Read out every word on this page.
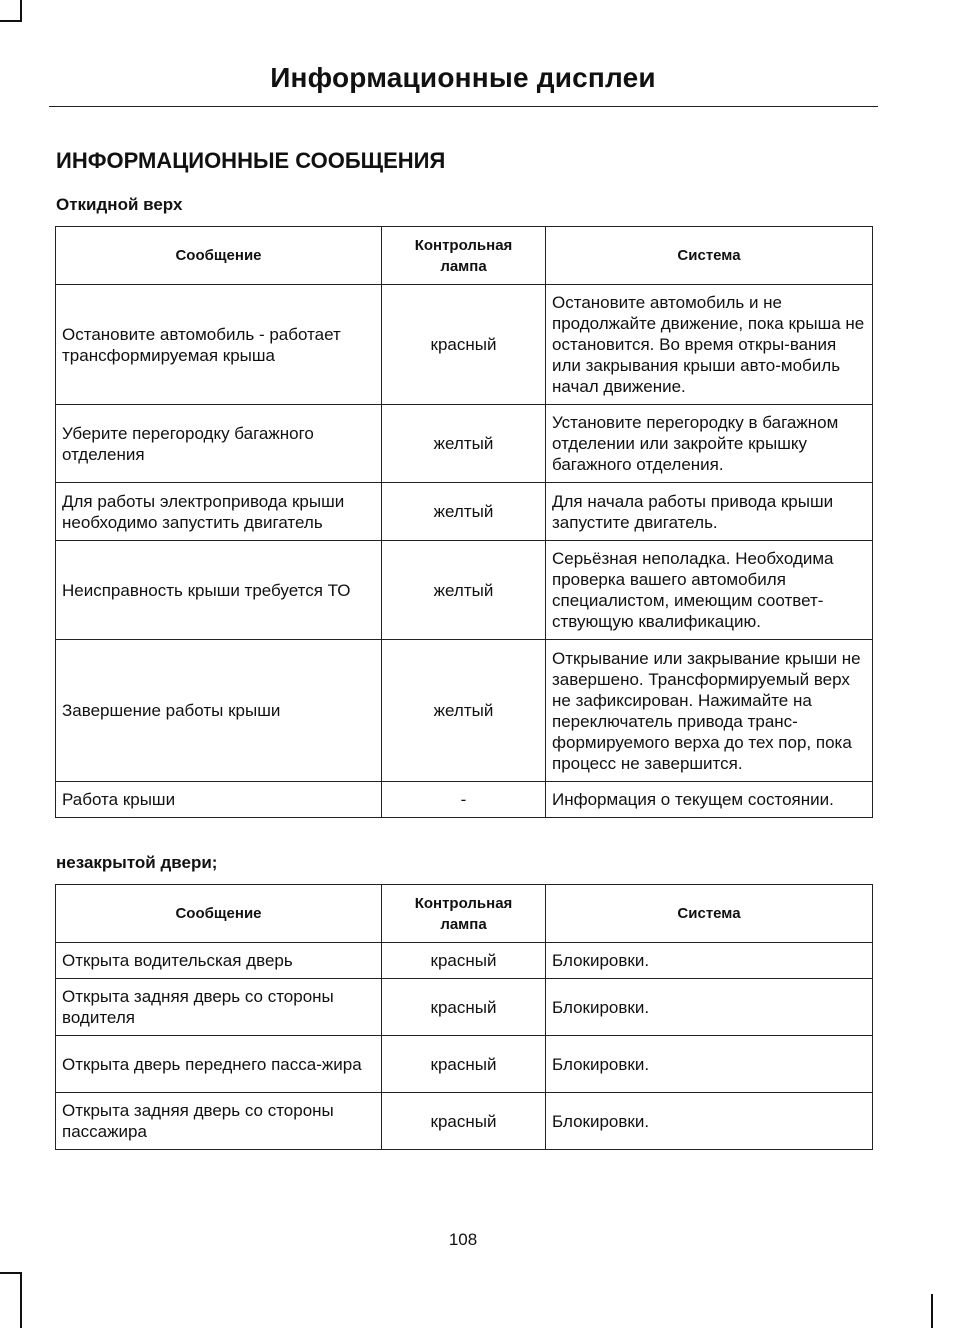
Информационные дисплеи
ИНФОРМАЦИОННЫЕ СООБЩЕНИЯ
Откидной верх
Сообщение	Контрольная лампа	Система
Остановите автомобиль - работает трансформируемая крыша	красный	Остановите автомобиль и не продолжайте движение, пока крыша не остановится. Во время откры-вания или закрывания крыши авто-мобиль начал движение.
Уберите перегородку багажного отделения	желтый	Установите перегородку в багажном отделении или закройте крышку багажного отделения.
Для работы электропривода крыши необходимо запустить двигатель	желтый	Для начала работы привода крыши запустите двигатель.
Неисправность крыши требуется ТО	желтый	Серьёзная неполадка. Необходима проверка вашего автомобиля специалистом, имеющим соответ-ствующую квалификацию.
Завершение работы крыши	желтый	Открывание или закрывание крыши не завершено. Трансформируемый верх не зафиксирован. Нажимайте на переключатель привода транс-формируемого верха до тех пор, пока процесс не завершится.
Работа крыши	-	Информация о текущем состоянии.
незакрытой двери;
Сообщение	Контрольная лампа	Система
Открыта водительская дверь	красный	Блокировки.
Открыта задняя дверь со стороны водителя	красный	Блокировки.
Открыта дверь переднего пасса-жира	красный	Блокировки.
Открыта задняя дверь со стороны пассажира	красный	Блокировки.
108
